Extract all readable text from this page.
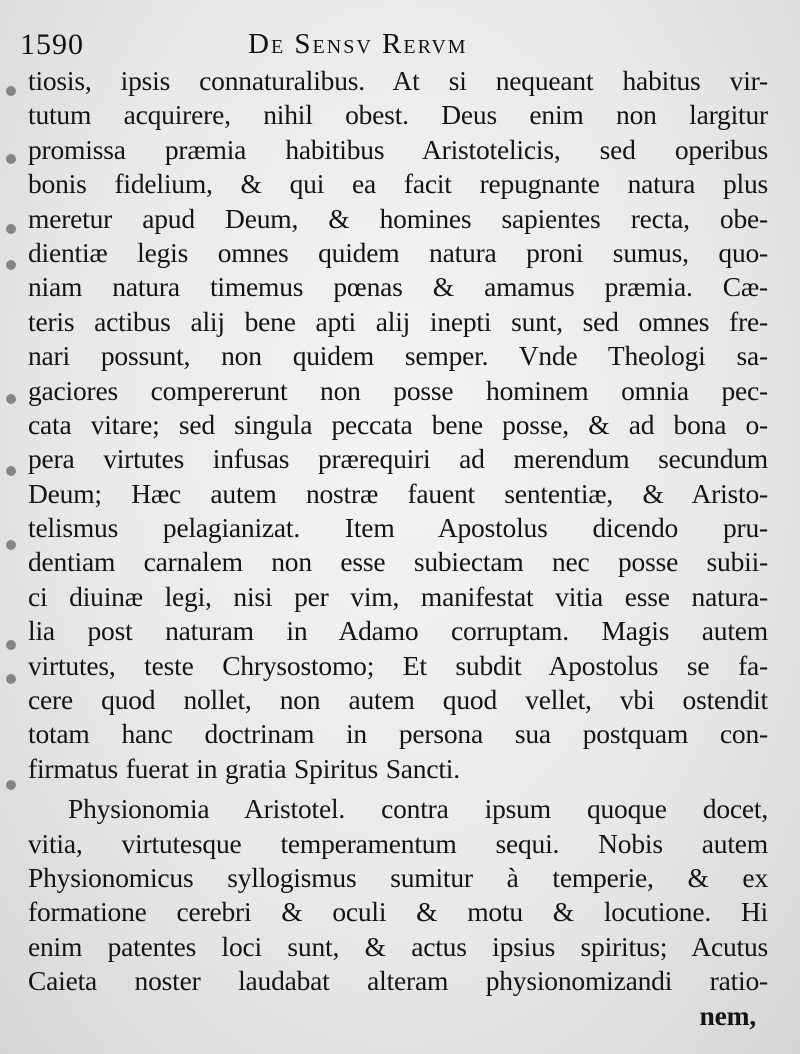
1590	De Sensv Rervm
tiosis, ipsis connaturalibus. At si nequeant habitus vir-
tutum acquirere, nihil obest. Deus enim non largitur
promissa præmia habitibus Aristotelicis, sed operibus
bonis fidelium, & qui ea facit repugnante natura plus
meretur apud Deum, & homines sapientes recta, obe-
dientiæ legis omnes quidem natura proni sumus, quo-
niam natura timemus pœnas & amamus præmia. Cæ-
teris actibus alij bene apti alij inepti sunt, sed omnes fre-
nari possunt, non quidem semper. Vnde Theologi sa-
gaciores compererunt non posse hominem omnia pec-
cata vitare; sed singula peccata bene posse, & ad bona o-
pera virtutes infusas prærequiri ad merendum secundum
Deum; Hæc autem nostræ fauent sententiæ, & Aristo-
telismus pelagianizat. Item Apostolus dicendo pru-
dentiam carnalem non esse subiectam nec posse subii-
ci diuinæ legi, nisi per vim, manifestat vitia esse natura-
lia post naturam in Adamo corruptam. Magis autem
virtutes, teste Chrysostomo; Et subdit Apostolus se fa-
cere quod nollet, non autem quod vellet, vbi ostendit
totam hanc doctrinam in persona sua postquam con-
firmatus fuerat in gratia Spiritus Sancti.
Physionomia Aristotel. contra ipsum quoque docet,
vitia, virtutesque temperamentum sequi. Nobis autem
Physionomicus syllogismus sumitur à temperie, & ex
formatione cerebri & oculi & motu & locutione. Hi
enim patentes loci sunt, & actus ipsius spiritus; Acutus
Caieta noster laudabat alteram physionomizandi ratio-
nem,
